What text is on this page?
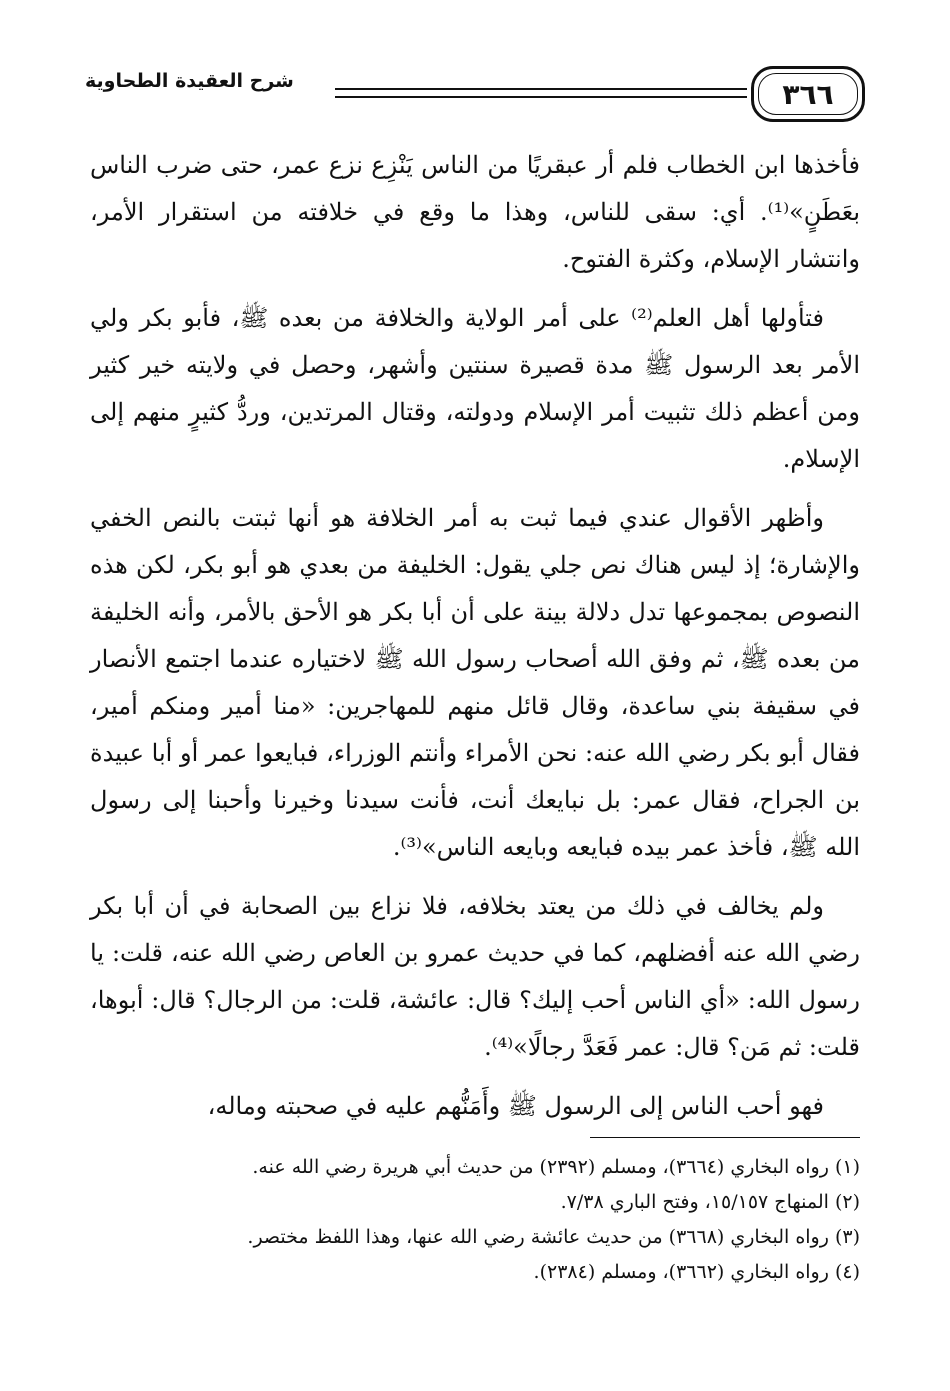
٣٦٦
شرح العقيدة الطحاوية

فأخذها ابن الخطاب فلم أر عبقريًا من الناس يَنْزِع نزع عمر، حتى ضرب الناس بعَطَنٍ»⁽¹⁾. أي: سقى للناس، وهذا ما وقع في خلافته من استقرار الأمر، وانتشار الإسلام، وكثرة الفتوح.

فتأولها أهل العلم⁽²⁾ على أمر الولاية والخلافة من بعده ﷺ، فأبو بكر ولي الأمر بعد الرسول ﷺ مدة قصيرة سنتين وأشهر، وحصل في ولايته خير كثير ومن أعظم ذلك تثبيت أمر الإسلام ودولته، وقتال المرتدين، وردُّ كثيرٍ منهم إلى الإسلام.

وأظهر الأقوال عندي فيما ثبت به أمر الخلافة هو أنها ثبتت بالنص الخفي والإشارة؛ إذ ليس هناك نص جلي يقول: الخليفة من بعدي هو أبو بكر، لكن هذه النصوص بمجموعها تدل دلالة بينة على أن أبا بكر هو الأحق بالأمر، وأنه الخليفة من بعده ﷺ، ثم وفق الله أصحاب رسول الله ﷺ لاختياره عندما اجتمع الأنصار في سقيفة بني ساعدة، وقال قائل منهم للمهاجرين: «منا أمير ومنكم أمير، فقال أبو بكر رضي الله عنه: نحن الأمراء وأنتم الوزراء، فبايعوا عمر أو أبا عبيدة بن الجراح، فقال عمر: بل نبايعك أنت، فأنت سيدنا وخيرنا وأحبنا إلى رسول الله ﷺ، فأخذ عمر بيده فبايعه وبايعه الناس»⁽³⁾.

ولم يخالف في ذلك من يعتد بخلافه، فلا نزاع بين الصحابة في أن أبا بكر رضي الله عنه أفضلهم، كما في حديث عمرو بن العاص رضي الله عنه، قلت: يا رسول الله: «أي الناس أحب إليك؟ قال: عائشة، قلت: من الرجال؟ قال: أبوها، قلت: ثم مَن؟ قال: عمر فَعَدَّ رجالًا»⁽⁴⁾.

فهو أحب الناس إلى الرسول ﷺ وأَمَنُّهم عليه في صحبته وماله،

(١) رواه البخاري (٣٦٦٤)، ومسلم (٢٣٩٢) من حديث أبي هريرة رضي الله عنه.
(٢) المنهاج ١٥/١٥٧، وفتح الباري ٧/٣٨.
(٣) رواه البخاري (٣٦٦٨) من حديث عائشة رضي الله عنها، وهذا اللفظ مختصر.
(٤) رواه البخاري (٣٦٦٢)، ومسلم (٢٣٨٤).
